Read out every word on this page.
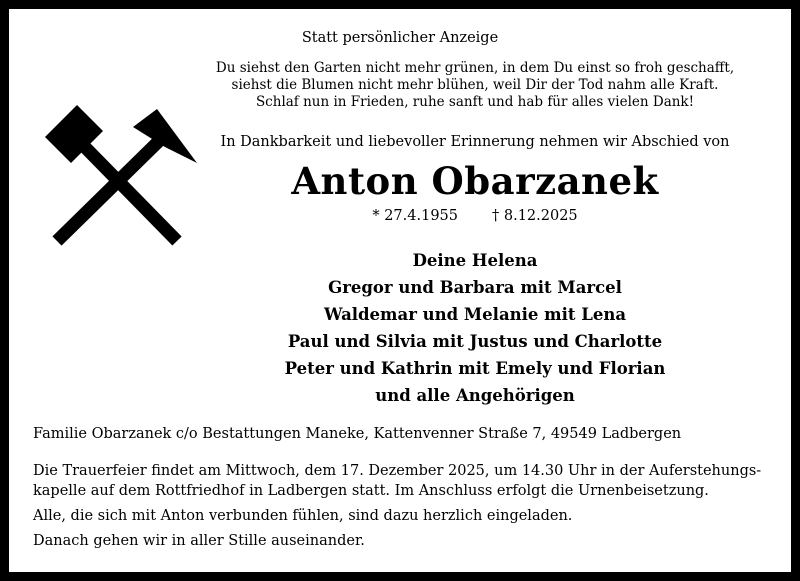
Statt persönlicher Anzeige
Du siehst den Garten nicht mehr grünen, in dem Du einst so froh geschafft,
siehst die Blumen nicht mehr blühen, weil Dir der Tod nahm alle Kraft.
Schlaf nun in Frieden, ruhe sanft und hab für alles vielen Dank!
In Dankbarkeit und liebevoller Erinnerung nehmen wir Abschied von
Anton Obarzanek
* 27.4.1955 † 8.12.2025
Deine Helena
Gregor und Barbara mit Marcel
Waldemar und Melanie mit Lena
Paul und Silvia mit Justus und Charlotte
Peter und Kathrin mit Emely und Florian
und alle Angehörigen
Familie Obarzanek c/o Bestattungen Maneke, Kattenvenner Straße 7, 49549 Ladbergen

Die Trauerfeier findet am Mittwoch, dem 17. Dezember 2025, um 14.30 Uhr in der Auferstehungs-
kapelle auf dem Rottfriedhof in Ladbergen statt. Im Anschluss erfolgt die Urnenbeisetzung.

Alle, die sich mit Anton verbunden fühlen, sind dazu herzlich eingeladen.

Danach gehen wir in aller Stille auseinander.
